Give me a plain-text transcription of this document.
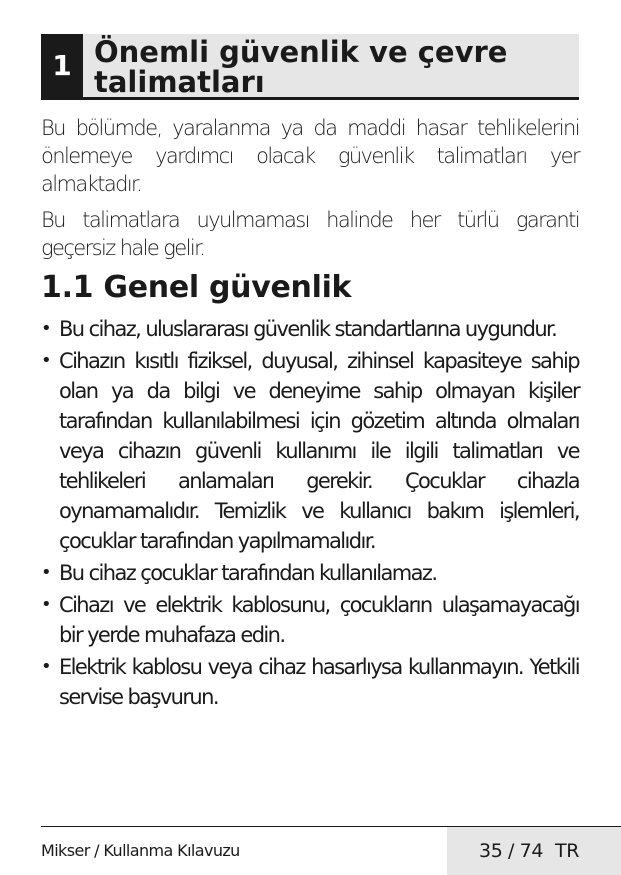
1 Önemli güvenlik ve çevre talimatları

Bu bölümde, yaralanma ya da maddi hasar tehlikelerini önlemeye yardımcı olacak güvenlik talimatları yer almaktadır.

Bu talimatlara uyulmaması halinde her türlü garanti geçersiz hale gelir.

1.1 Genel güvenlik
• Bu cihaz, uluslararası güvenlik standartlarına uygundur.
• Cihazın kısıtlı fiziksel, duyusal, zihinsel kapasiteye sahip olan ya da bilgi ve deneyime sahip olmayan kişiler tarafından kullanılabilmesi için gözetim altında olmaları veya cihazın güvenli kullanımı ile ilgili talimatları ve tehlikeleri anlamaları gerekir. Çocuklar cihazla oynamamalıdır. Temizlik ve kullanıcı bakım işlemleri, çocuklar tarafından yapılmamalıdır.
• Bu cihaz çocuklar tarafından kullanılamaz.
• Cihazı ve elektrik kablosunu, çocukların ulaşamayacağı bir yerde muhafaza edin.
• Elektrik kablosu veya cihaz hasarlıysa kullanmayın. Yetkili servise başvurun.
Mikser / Kullanma Kılavuzu	35 / 74 TR
